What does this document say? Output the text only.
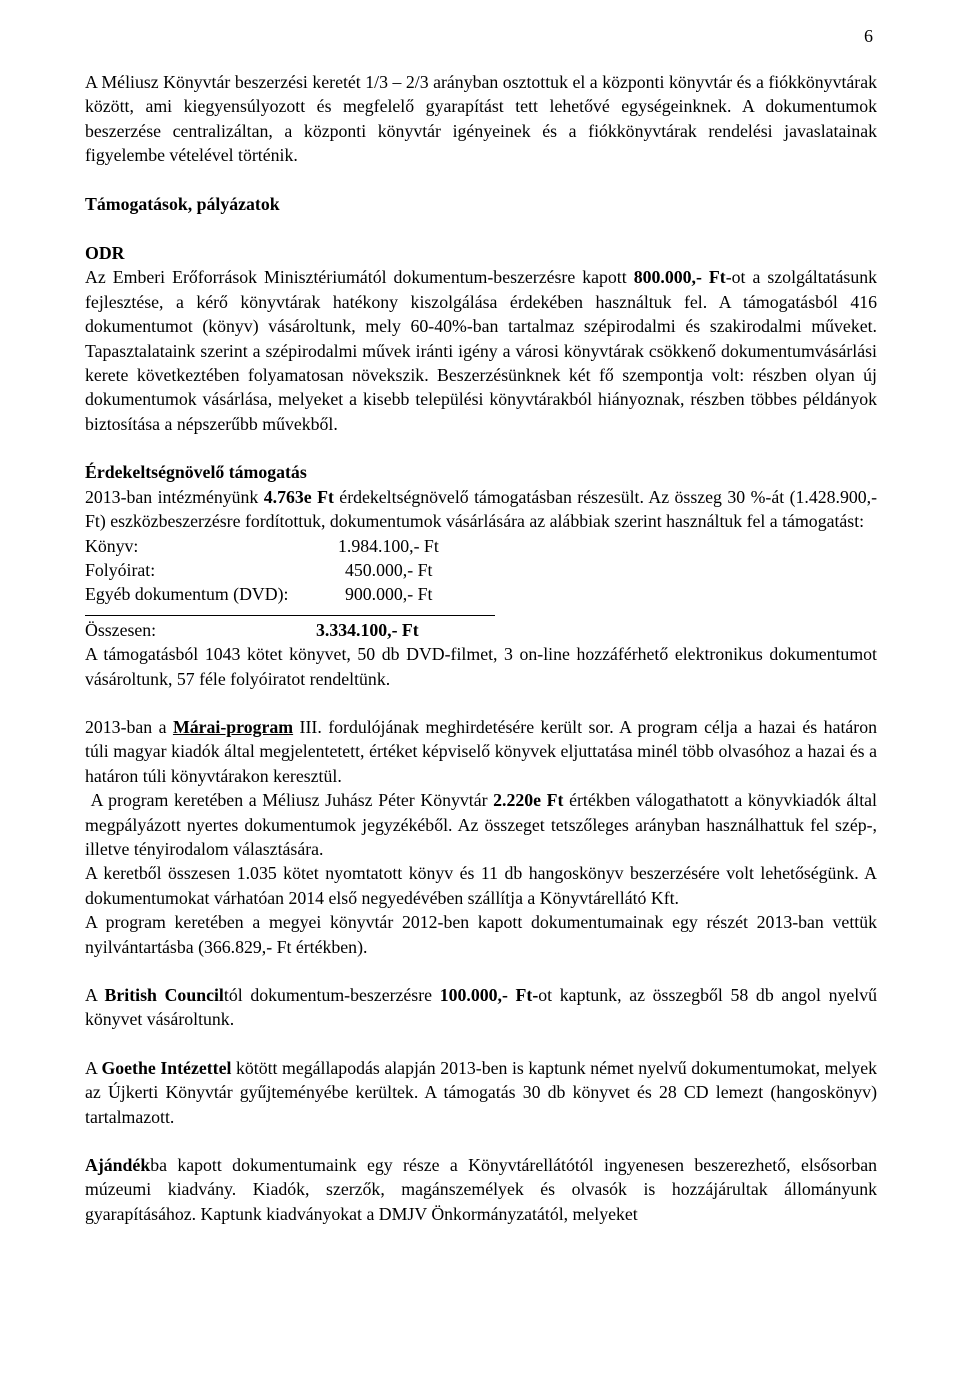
6

A Méliusz Könyvtár beszerzési keretét 1/3 – 2/3 arányban osztottuk el a központi könyvtár és a fiókkönyvtárak között, ami kiegyensúlyozott és megfelelő gyarapítást tett lehetővé egységeinknek. A dokumentumok beszerzése centralizáltan, a központi könyvtár igényeinek és a fiókkönyvtárak rendelési javaslatainak figyelembe vételével történik.

Támogatások, pályázatok

ODR

Az Emberi Erőforrások Minisztériumától dokumentum-beszerzésre kapott 800.000,- Ft-ot a szolgáltatásunk fejlesztése, a kérő könyvtárak hatékony kiszolgálása érdekében használtuk fel. A támogatásból 416 dokumentumot (könyv) vásároltunk, mely 60-40%-ban tartalmaz szépirodalmi és szakirodalmi műveket. Tapasztalataink szerint a szépirodalmi művek iránti igény a városi könyvtárak csökkenő dokumentumvásárlási kerete következtében folyamatosan növekszik. Beszerzésünknek két fő szempontja volt: részben olyan új dokumentumok vásárlása, melyeket a kisebb települési könyvtárakból hiányoznak, részben többes példányok biztosítása a népszerűbb művekből.

Érdekeltségnövelő támogatás

2013-ban intézményünk 4.763e Ft érdekeltségnövelő támogatásban részesült. Az összeg 30 %-át (1.428.900,- Ft) eszközbeszerzésre fordítottuk, dokumentumok vásárlására az alábbiak szerint használtuk fel a támogatást:

Könyv:	1.984.100,- Ft
Folyóirat:	450.000,- Ft
Egyéb dokumentum (DVD):	900.000,- Ft
Összesen:	3.334.100,- Ft

A támogatásból 1043 kötet könyvet, 50 db DVD-filmet, 3 on-line hozzáférhető elektronikus dokumentumot vásároltunk, 57 féle folyóiratot rendeltünk.

2013-ban a Márai-program III. fordulójának meghirdetésére került sor. A program célja a hazai és határon túli magyar kiadók által megjelentetett, értéket képviselő könyvek eljuttatása minél több olvasóhoz a hazai és a határon túli könyvtárakon keresztül.

A program keretében a Méliusz Juhász Péter Könyvtár 2.220e Ft értékben válogathatott a könyvkiadók által megpályázott nyertes dokumentumok jegyzékéből. Az összeget tetszőleges arányban használhattuk fel szép-, illetve tényirodalom választására.

A keretből összesen 1.035 kötet nyomtatott könyv és 11 db hangoskönyv beszerzésére volt lehetőségünk. A dokumentumokat várhatóan 2014 első negyedévében szállítja a Könyvtárellátó Kft.

A program keretében a megyei könyvtár 2012-ben kapott dokumentumainak egy részét 2013-ban vettük nyilvántartásba (366.829,- Ft értékben).

A British Counciltól dokumentum-beszerzésre 100.000,- Ft-ot kaptunk, az összegből 58 db angol nyelvű könyvet vásároltunk.

A Goethe Intézettel kötött megállapodás alapján 2013-ben is kaptunk német nyelvű dokumentumokat, melyek az Újkerti Könyvtár gyűjteményébe kerültek. A támogatás 30 db könyvet és 28 CD lemezt (hangoskönyv) tartalmazott.

Ajándékba kapott dokumentumaink egy része a Könyvtárellátótól ingyenesen beszerezhető, elsősorban múzeumi kiadvány. Kiadók, szerzők, magánszemélyek és olvasók is hozzájárultak állományunk gyarapításához. Kaptunk kiadványokat a DMJV Önkormányzatától, melyeket
